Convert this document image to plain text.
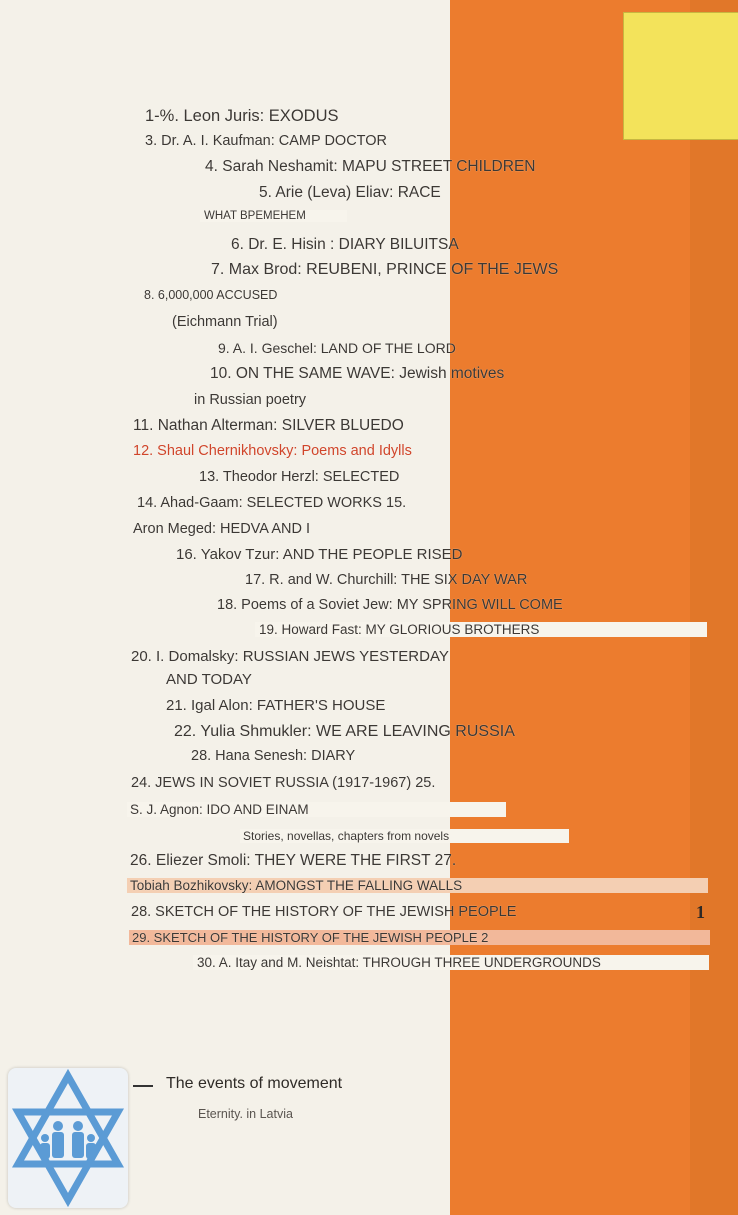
1-%. Leon Juris: EXODUS
3. Dr. A. I. Kaufman: CAMP DOCTOR
4. Sarah Neshamit: MAPU STREET CHILDREN
5. Arie (Leva) Eliav: RACE
WHAT BPEMEHEM
6. Dr. E. Hisin : DIARY BILUITSA
7. Max Brod: REUBENI, PRINCE OF THE JEWS
8. 6,000,000 ACCUSED
(Eichmann Trial)
9. A. I. Geschel: LAND OF THE LORD
10. ON THE SAME WAVE: Jewish motives
in Russian poetry
11. Nathan Alterman: SILVER BLUEDO
12. Shaul Chernikhovsky: Poems and Idylls
13. Theodor Herzl: SELECTED
14. Ahad-Gaam: SELECTED WORKS 15.
Aron Meged: HEDVA AND I
16. Yakov Tzur: AND THE PEOPLE RISED
17. R. and W. Churchill: THE SIX DAY WAR
18. Poems of a Soviet Jew: MY SPRING WILL COME
19. Howard Fast: MY GLORIOUS BROTHERS
20. I. Domalsky: RUSSIAN JEWS YESTERDAY
AND TODAY
21. Igal Alon: FATHER'S HOUSE
22. Yulia Shmukler: WE ARE LEAVING RUSSIA
28. Hana Senesh: DIARY
24. JEWS IN SOVIET RUSSIA (1917-1967) 25.
S. J. Agnon: IDO AND EINAM
Stories, novellas, chapters from novels
26. Eliezer Smoli: THEY WERE THE FIRST 27.
Tobiah Bozhikovsky: AMONGST THE FALLING WALLS
28. SKETCH OF THE HISTORY OF THE JEWISH PEOPLE
29. SKETCH OF THE HISTORY OF THE JEWISH PEOPLE 2
30. A. Itay and M. Neishtat: THROUGH THREE UNDERGROUNDS
1
The events of movement
Eternity. in Latvia
